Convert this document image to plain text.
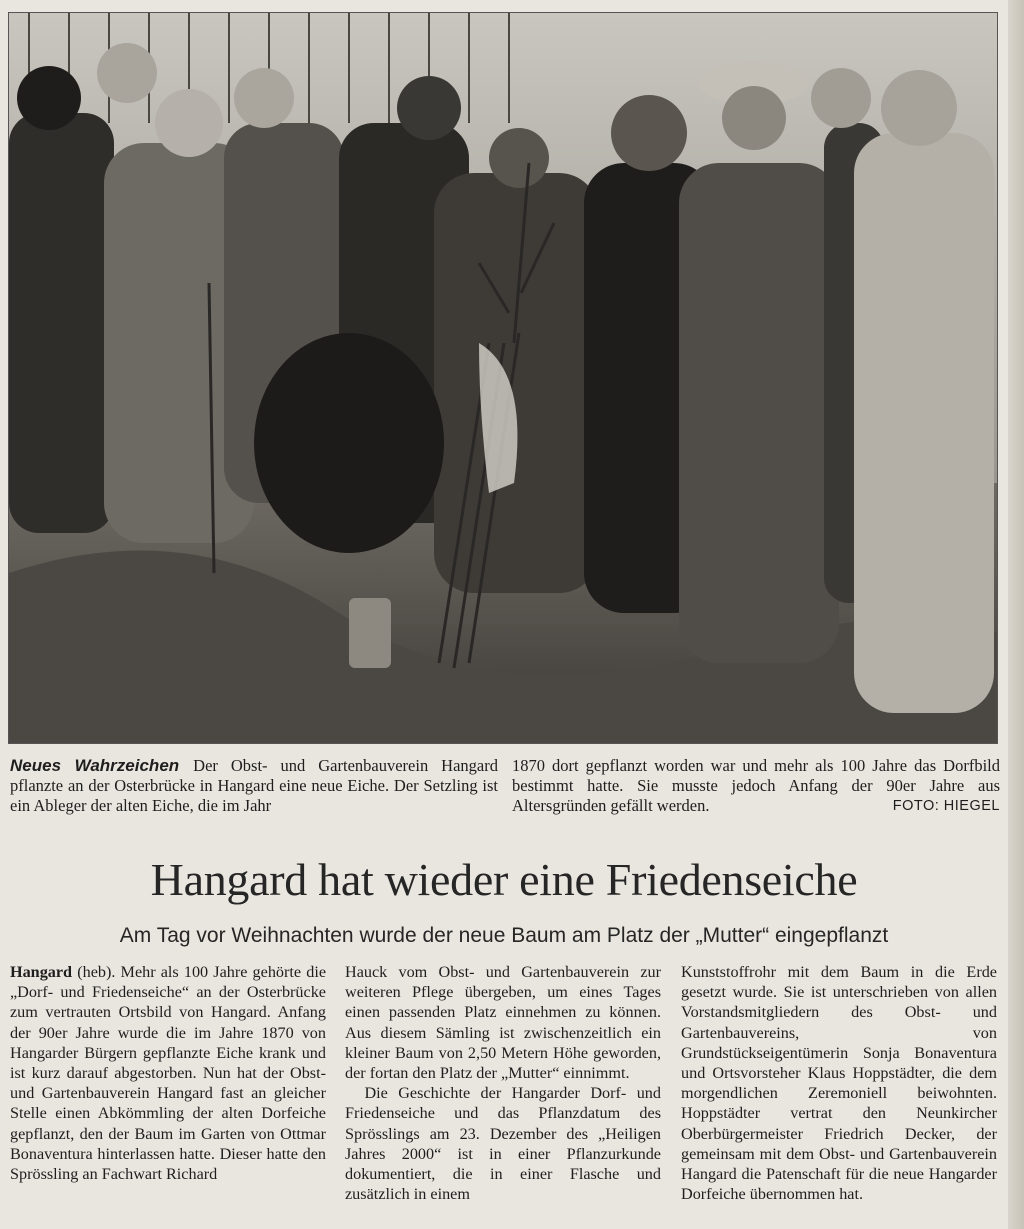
Neues Wahrzeichen Der Obst- und Gartenbauverein Hangard pflanzte an der Osterbrücke in Hangard eine neue Eiche. Der Setzling ist ein Ableger der alten Eiche, die im Jahr
1870 dort gepflanzt worden war und mehr als 100 Jahre das Dorfbild bestimmt hatte. Sie musste jedoch Anfang der 90er Jahre aus Altersgründen gefällt werden.	FOTO: HIEGEL
Hangard hat wieder eine Friedenseiche
Am Tag vor Weihnachten wurde der neue Baum am Platz der „Mutter“ eingepflanzt

Hangard (heb). Mehr als 100 Jahre gehörte die „Dorf- und Friedenseiche“ an der Osterbrücke zum vertrauten Ortsbild von Hangard. Anfang der 90er Jahre wurde die im Jahre 1870 von Hangarder Bürgern gepflanzte Eiche krank und ist kurz darauf abgestorben. Nun hat der Obst- und Gartenbauverein Hangard fast an gleicher Stelle einen Abkömmling der alten Dorfeiche gepflanzt, den der Baum im Garten von Ottmar Bonaventura hinterlassen hatte. Dieser hatte den Sprössling an Fachwart Richard

Hauck vom Obst- und Gartenbauverein zur weiteren Pflege übergeben, um eines Tages einen passenden Platz einnehmen zu können. Aus diesem Sämling ist zwischenzeitlich ein kleiner Baum von 2,50 Metern Höhe geworden, der fortan den Platz der „Mutter“ einnimmt.

Die Geschichte der Hangarder Dorf- und Friedenseiche und das Pflanzdatum des Sprösslings am 23. Dezember des „Heiligen Jahres 2000“ ist in einer Pflanzurkunde dokumentiert, die in einer Flasche und zusätzlich in einem

Kunststoffrohr mit dem Baum in die Erde gesetzt wurde. Sie ist unterschrieben von allen Vorstandsmitgliedern des Obst- und Gartenbauvereins, von Grundstückseigentümerin Sonja Bonaventura und Ortsvorsteher Klaus Hoppstädter, die dem morgendlichen Zeremoniell beiwohnten. Hoppstädter vertrat den Neunkircher Oberbürgermeister Friedrich Decker, der gemeinsam mit dem Obst- und Gartenbauverein Hangard die Patenschaft für die neue Hangarder Dorfeiche übernommen hat.
